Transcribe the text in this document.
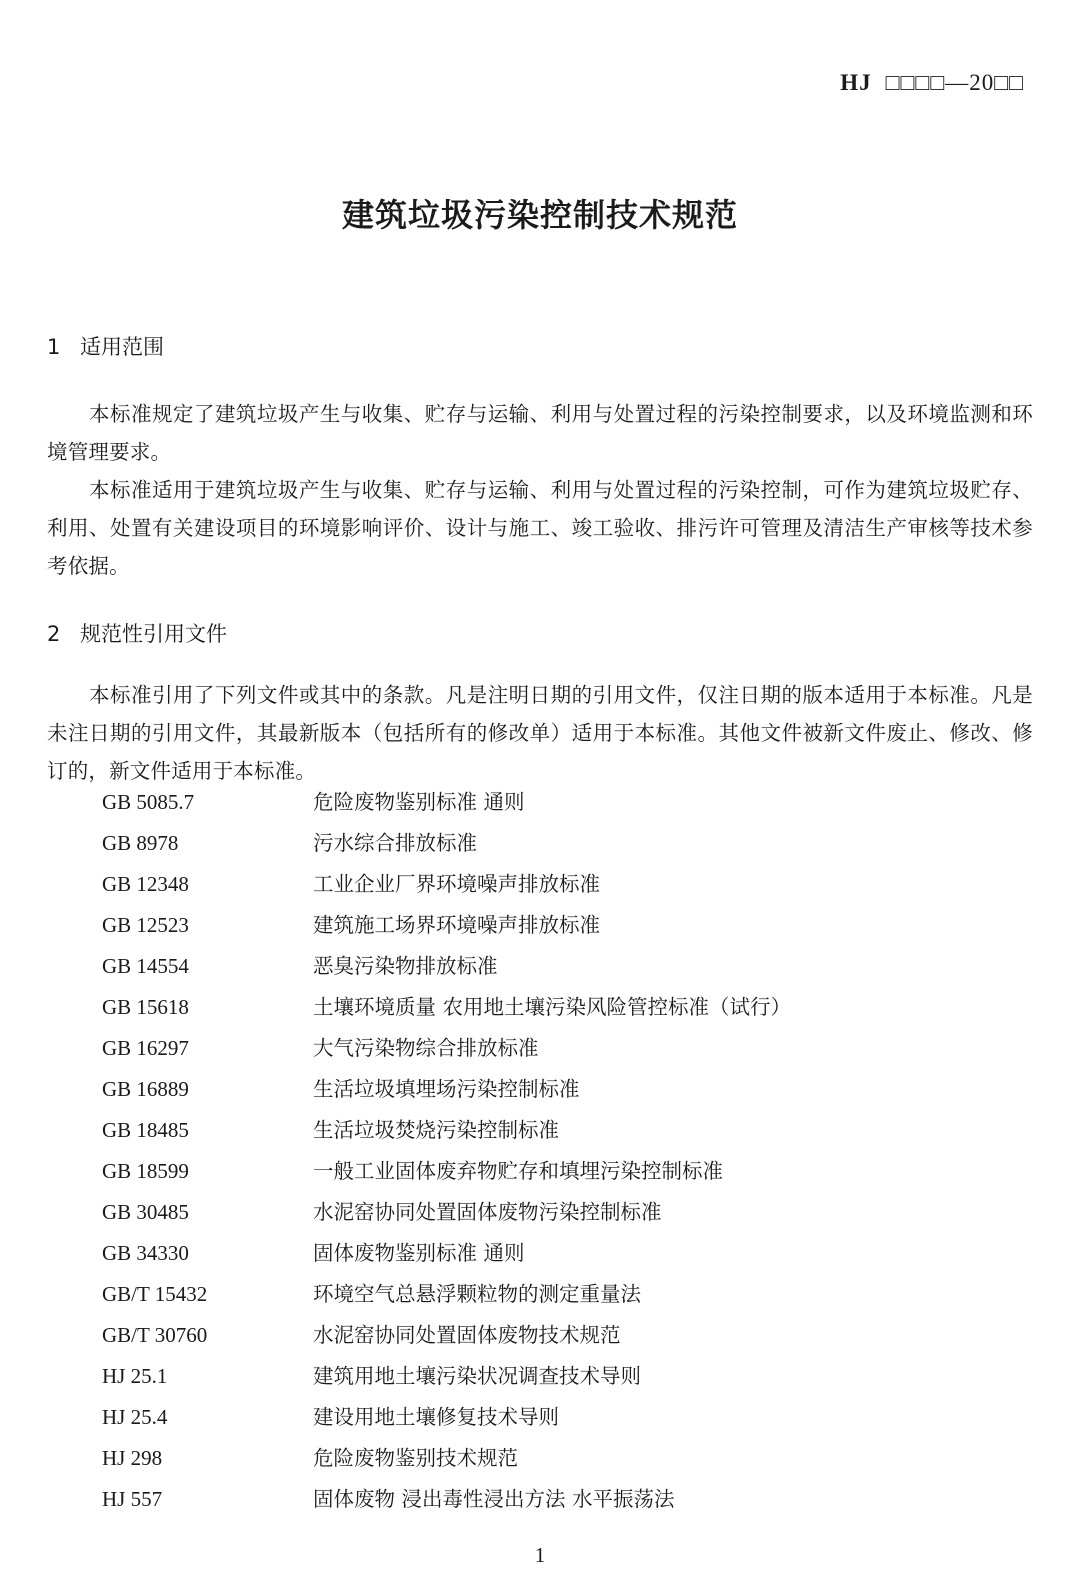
HJ □□□□—20□□
建筑垃圾污染控制技术规范
1 适用范围
本标准规定了建筑垃圾产生与收集、贮存与运输、利用与处置过程的污染控制要求，以及环境监测和环境管理要求。
本标准适用于建筑垃圾产生与收集、贮存与运输、利用与处置过程的污染控制，可作为建筑垃圾贮存、利用、处置有关建设项目的环境影响评价、设计与施工、竣工验收、排污许可管理及清洁生产审核等技术参考依据。
2 规范性引用文件
本标准引用了下列文件或其中的条款。凡是注明日期的引用文件，仅注日期的版本适用于本标准。凡是未注日期的引用文件，其最新版本（包括所有的修改单）适用于本标准。其他文件被新文件废止、修改、修订的，新文件适用于本标准。
GB 5085.7	危险废物鉴别标准 通则
GB 8978	污水综合排放标准
GB 12348	工业企业厂界环境噪声排放标准
GB 12523	建筑施工场界环境噪声排放标准
GB 14554	恶臭污染物排放标准
GB 15618	土壤环境质量 农用地土壤污染风险管控标准（试行）
GB 16297	大气污染物综合排放标准
GB 16889	生活垃圾填埋场污染控制标准
GB 18485	生活垃圾焚烧污染控制标准
GB 18599	一般工业固体废弃物贮存和填埋污染控制标准
GB 30485	水泥窑协同处置固体废物污染控制标准
GB 34330	固体废物鉴别标准 通则
GB/T 15432	环境空气总悬浮颗粒物的测定重量法
GB/T 30760	水泥窑协同处置固体废物技术规范
HJ 25.1	建筑用地土壤污染状况调查技术导则
HJ 25.4	建设用地土壤修复技术导则
HJ 298	危险废物鉴别技术规范
HJ 557	固体废物 浸出毒性浸出方法 水平振荡法
1
